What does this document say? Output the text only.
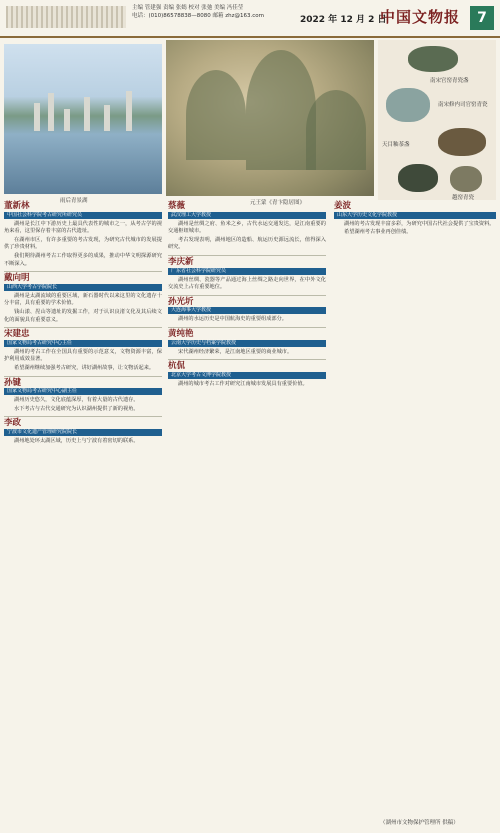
主编 管建强 责编 张嫣 校对 张弛 美编 冯佳莹
电话：(010)86578838—8080 邮箱 zhz@163.com	2022 年 12 月 2 日
中国文物报	7
雨后青景湖	元王蒙《青卞隐居图》
南宋官窑青瓷盏
南宋修内司官窑青瓷
天目釉茶盏
越窑青瓷
董新林
中国社会科学院考古研究所研究员

湖州是长江中下游历史上最具代表性的城市之一，从考古学的视角来看，这里保存着丰富的古代遗址。

在湖州市区，有许多重要的考古发现，为研究古代城市的发展提供了珍贵材料。

我们期待湖州考古工作取得更多的成果，推动中华文明探源研究不断深入。

戴向明
山西大学考古学院院长

湖州是太湖流域的重要区域，新石器时代以来这里的文化遗存十分丰富，具有重要的学术价值。

钱山漾、毘山等遗址的发掘工作，对于认识良渚文化及其后续文化的面貌具有重要意义。

宋建忠
国家文物局考古研究中心主任

湖州的考古工作在全国具有重要的示范意义，文物资源丰富，保护利用成效显著。

希望湖州继续加强考古研究，讲好湖州故事，让文物活起来。

孙键
国家文物局考古研究中心副主任

湖州历史悠久，文化底蕴深厚，有着大量的古代遗存。

水下考古与古代交通研究为认识湖州提供了新的视角。

李政
宁波市文化遗产管理研究院院长

湖州地处环太湖区域，历史上与宁波有着密切的联系。

蔡薇
武汉理工大学教授

湖州是丝绸之府、鱼米之乡，古代水运交通发达，是江南重要的交通枢纽城市。

考古发现表明，湖州地区的造船、航运历史源远流长，值得深入研究。

李庆新
广东省社会科学院研究员

湖州丝绸、瓷器等产品通过海上丝绸之路走向世界，在中外文化交流史上占有重要地位。

孙光圻
大连海事大学教授

湖州的水运历史是中国航海史的重要组成部分。

黄纯艳
云南大学历史与档案学院教授

宋代湖州经济繁荣，是江南地区重要的商业城市。

杭侃
北京大学考古文博学院教授

湖州的城市考古工作对研究江南城市发展具有重要价值。

姜波
山东大学历史文化学院教授

湖州的考古发现丰富多彩，为研究中国古代社会提供了宝贵资料。

希望湖州考古事业再创佳绩。

（湖州市文物保护管理所 供稿）
